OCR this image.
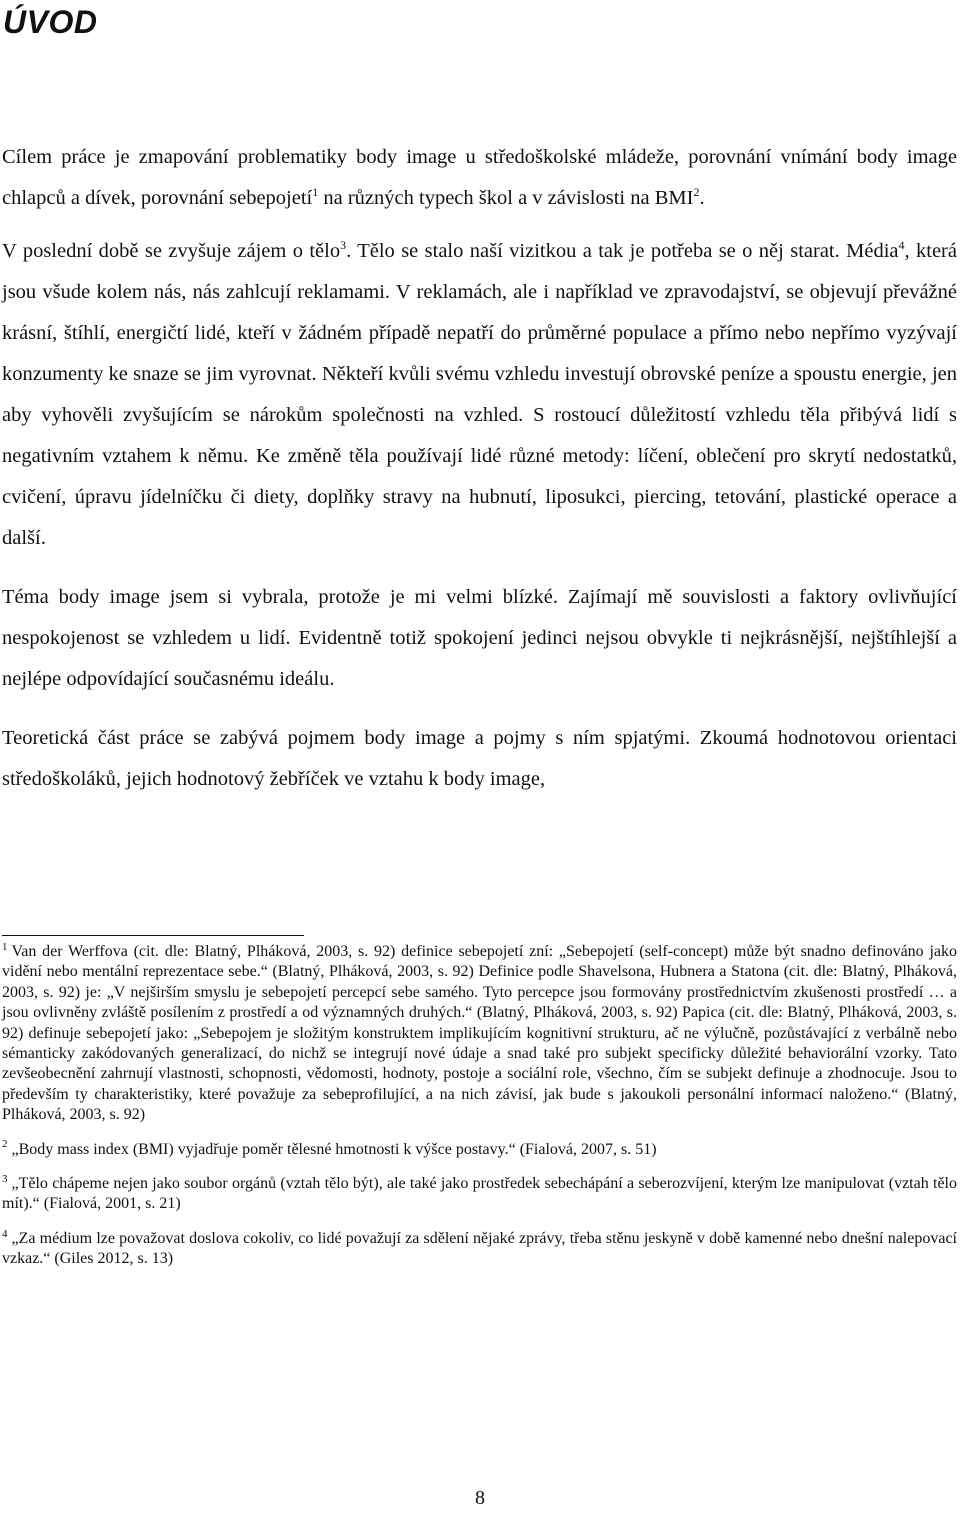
ÚVOD

Cílem práce je zmapování problematiky body image u středoškolské mládeže, porovnání vnímání body image chlapců a dívek, porovnání sebepojetí$^1$ na různých typech škol a v závislosti na BMI$^2$.

V poslední době se zvyšuje zájem o tělo$^3$. Tělo se stalo naší vizitkou a tak je potřeba se o něj starat. Média$^4$, která jsou všude kolem nás, nás zahlcují reklamami. V reklamách, ale i například ve zpravodajství, se objevují převážné krásní, štíhlí, energičtí lidé, kteří v žádném případě nepatří do průměrné populace a přímo nebo nepřímo vyzývají konzumenty ke snaze se jim vyrovnat. Někteří kvůli svému vzhledu investují obrovské peníze a spoustu energie, jen aby vyhověli zvyšujícím se nárokům společnosti na vzhled. S rostoucí důležitostí vzhledu těla přibývá lidí s negativním vztahem k němu. Ke změně těla používají lidé různé metody: líčení, oblečení pro skrytí nedostatků, cvičení, úpravu jídelníčku či diety, doplňky stravy na hubnutí, liposukci, piercing, tetování, plastické operace a další.

Téma body image jsem si vybrala, protože je mi velmi blízké. Zajímají mě souvislosti a faktory ovlivňující nespokojenost se vzhledem u lidí. Evidentně totiž spokojení jedinci nejsou obvykle ti nejkrásnější, nejštíhlejší a nejlépe odpovídající současnému ideálu.

Teoretická část práce se zabývá pojmem body image a pojmy s ním spjatými. Zkoumá hodnotovou orientaci středoškoláků, jejich hodnotový žebříček ve vztahu k body image,

$^1$ Van der Werffova (cit. dle: Blatný, Plháková, 2003, s. 92) definice sebepojetí zní: „Sebepojetí (self-concept) může být snadno definováno jako vidění nebo mentální reprezentace sebe.“ (Blatný, Plháková, 2003, s. 92) Definice podle Shavelsona, Hubnera a Statona (cit. dle: Blatný, Plháková, 2003, s. 92) je: „V nejširším smyslu je sebepojetí percepcí sebe samého. Tyto percepce jsou formovány prostřednictvím zkušenosti prostředí … a jsou ovlivněny zvláště posílením z prostředí a od významných druhých.“ (Blatný, Plháková, 2003, s. 92) Papica (cit. dle: Blatný, Plháková, 2003, s. 92) definuje sebepojetí jako: „Sebepojem je složitým konstruktem implikujícím kognitivní strukturu, ač ne výlučně, pozůstávající z verbálně nebo sémanticky zakódovaných generalizací, do nichž se integrují nové údaje a snad také pro subjekt specificky důležité behaviorální vzorky. Tato zevšeobecnění zahrnují vlastnosti, schopnosti, vědomosti, hodnoty, postoje a sociální role, všechno, čím se subjekt definuje a zhodnocuje. Jsou to především ty charakteristiky, které považuje za sebeprofilující, a na nich závisí, jak bude s jakoukoli personální informací naloženo.“ (Blatný, Plháková, 2003, s. 92)

$^2$ „Body mass index (BMI) vyjadřuje poměr tělesné hmotnosti k výšce postavy.“ (Fialová, 2007, s. 51)

$^3$ „Tělo chápeme nejen jako soubor orgánů (vztah tělo být), ale také jako prostředek sebechápání a seberozvíjení, kterým lze manipulovat (vztah tělo mít).“ (Fialová, 2001, s. 21)

$^4$ „Za médium lze považovat doslova cokoliv, co lidé považují za sdělení nějaké zprávy, třeba stěnu jeskyně v době kamenné nebo dnešní nalepovací vzkaz.“ (Giles 2012, s. 13)

8
